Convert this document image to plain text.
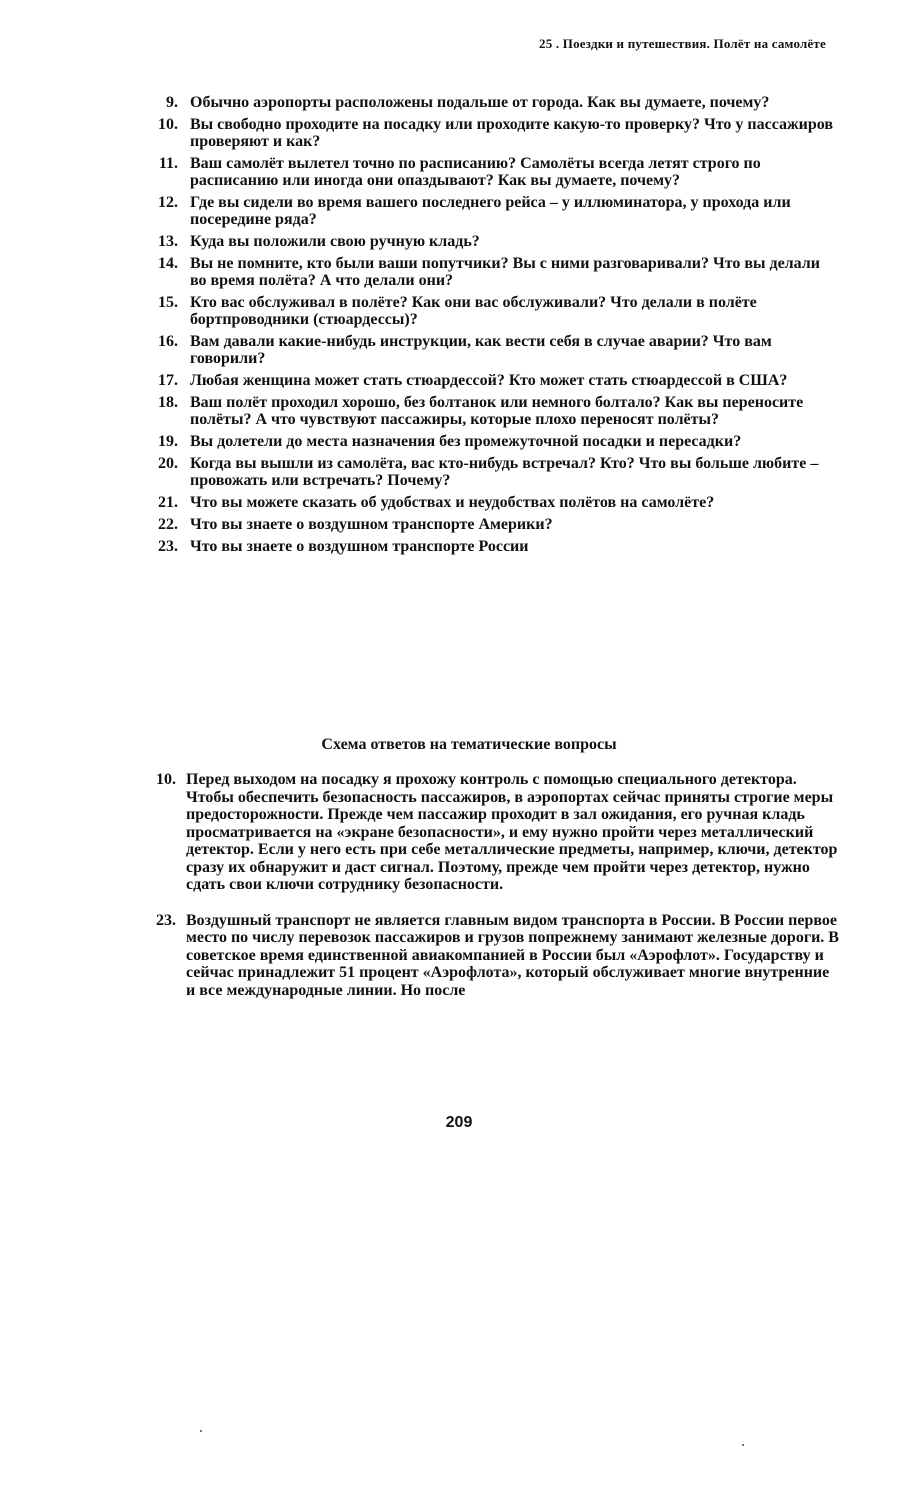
25 . Поездки и путешествия. Полёт на самолёте
9. Обычно аэропорты расположены подальше от города. Как вы думаете, почему?
10. Вы свободно проходите на посадку или проходите какую-то проверку? Что у пассажиров проверяют и как?
11. Ваш самолёт вылетел точно по расписанию? Самолёты всегда летят строго по расписанию или иногда они опаздывают? Как вы думаете, почему?
12. Где вы сидели во время вашего последнего рейса – у иллюминатора, у прохода или посередине ряда?
13. Куда вы положили свою ручную кладь?
14. Вы не помните, кто были ваши попутчики? Вы с ними разговаривали? Что вы делали во время полёта? А что делали они?
15. Кто вас обслуживал в полёте? Как они вас обслуживали? Что делали в полёте бортпроводники (стюардессы)?
16. Вам давали какие-нибудь инструкции, как вести себя в случае аварии? Что вам говорили?
17. Любая женщина может стать стюардессой? Кто может стать стюардессой в США?
18. Ваш полёт проходил хорошо, без болтанок или немного болтало? Как вы переносите полёты? А что чувствуют пассажиры, которые плохо переносят полёты?
19. Вы долетели до места назначения без промежуточной посадки и пересадки?
20. Когда вы вышли из самолёта, вас кто-нибудь встречал? Кто? Что вы больше любите – провожать или встречать? Почему?
21. Что вы можете сказать об удобствах и неудобствах полётов на самолёте?
22. Что вы знаете о воздушном транспорте Америки?
23. Что вы знаете о воздушном транспорте России
Схема ответов на тематические вопросы
10. Перед выходом на посадку я прохожу контроль с помощью специального детектора. Чтобы обеспечить безопасность пассажиров, в аэропортах сейчас приняты строгие меры предосторожности. Прежде чем пассажир проходит в зал ожидания, его ручная кладь просматривается на «экране безопасности», и ему нужно пройти через металлический детектор. Если у него есть при себе металлические предметы, например, ключи, детектор сразу их обнаружит и даст сигнал. Поэтому, прежде чем пройти через детектор, нужно сдать свои ключи сотруднику безопасности.
23. Воздушный транспорт не является главным видом транспорта в России. В России первое место по числу перевозок пассажиров и грузов попрежнему занимают железные дороги. В советское время единственной авиакомпанией в России был «Аэрофлот». Государству и сейчас принадлежит 51 процент «Аэрофлота», который обслуживает многие внутренние и все международные линии. Но после
209
